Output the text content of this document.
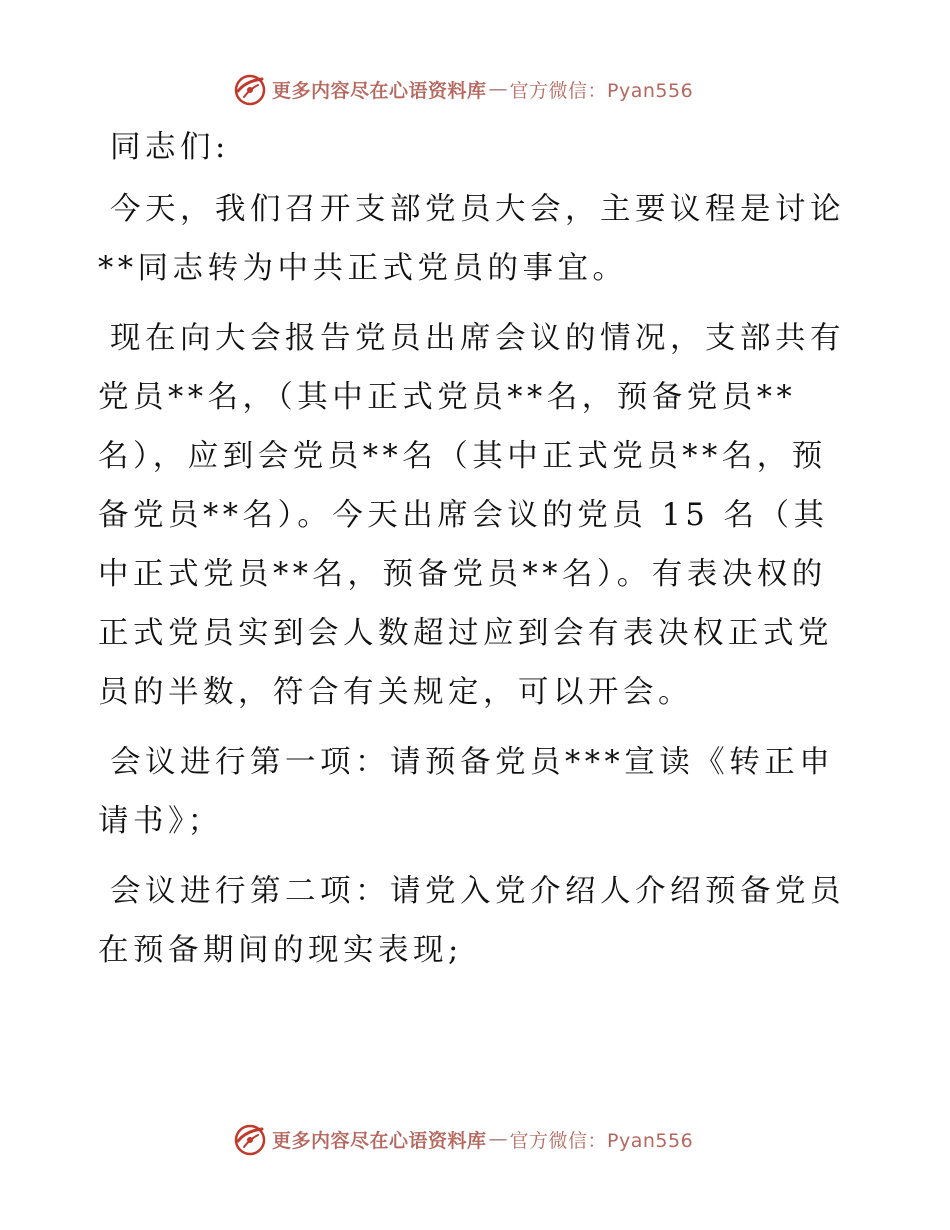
更多内容尽在心语资料库 — 官方微信：Pyan556

同志们:

今天，我们召开支部党员大会，主要议程是讨论**同志转为中共正式党员的事宜。

现在向大会报告党员出席会议的情况，支部共有党员**名，（其中正式党员**名，预备党员**名），应到会党员**名（其中正式党员**名，预备党员**名）。今天出席会议的党员 15 名（其中正式党员**名，预备党员**名）。有表决权的正式党员实到会人数超过应到会有表决权正式党员的半数，符合有关规定，可以开会。

会议进行第一项：请预备党员***宣读《转正申请书》；

会议进行第二项：请党入党介绍人介绍预备党员在预备期间的现实表现;

更多内容尽在心语资料库 — 官方微信：Pyan556
